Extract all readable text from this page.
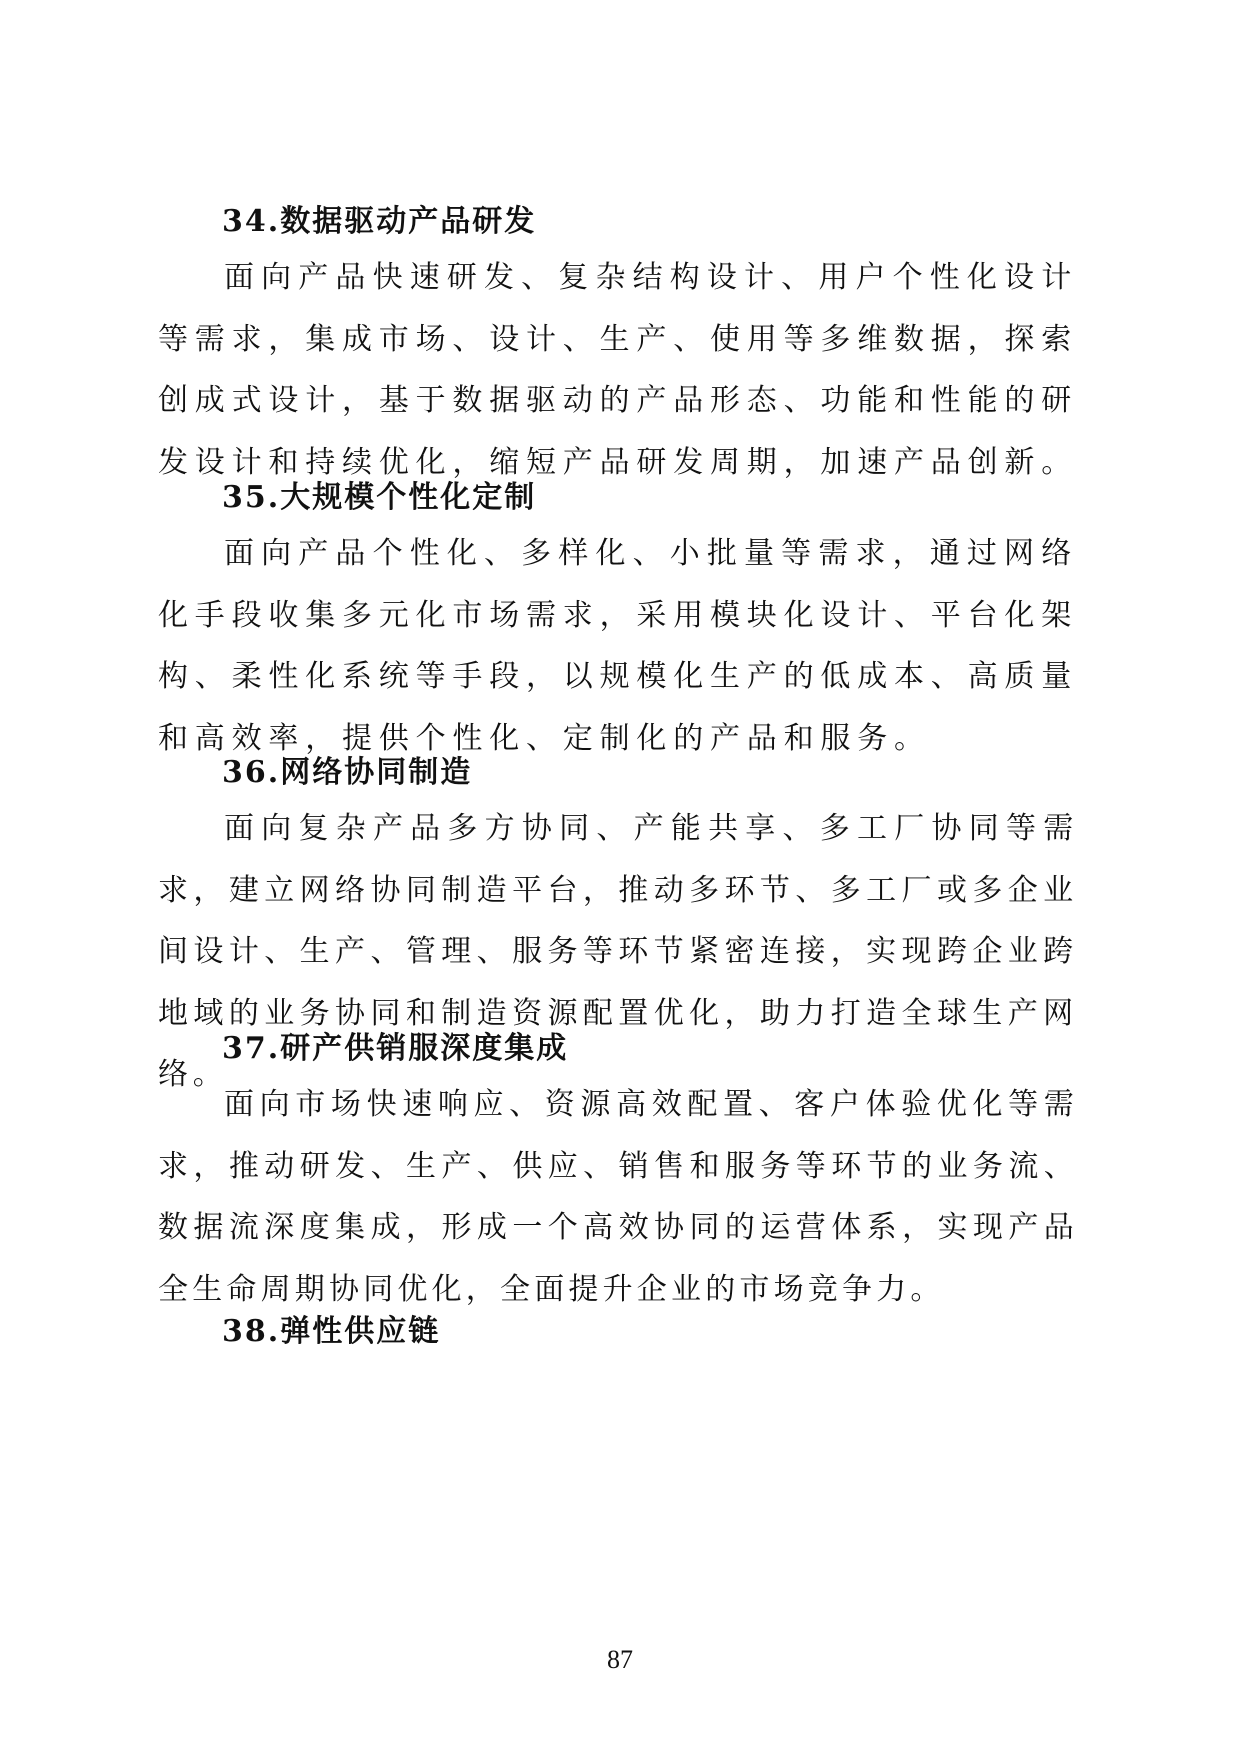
34.数据驱动产品研发
面向产品快速研发、复杂结构设计、用户个性化设计等需求，集成市场、设计、生产、使用等多维数据，探索创成式设计，基于数据驱动的产品形态、功能和性能的研发设计和持续优化，缩短产品研发周期，加速产品创新。
35.大规模个性化定制
面向产品个性化、多样化、小批量等需求，通过网络化手段收集多元化市场需求，采用模块化设计、平台化架构、柔性化系统等手段，以规模化生产的低成本、高质量和高效率，提供个性化、定制化的产品和服务。
36.网络协同制造
面向复杂产品多方协同、产能共享、多工厂协同等需求，建立网络协同制造平台，推动多环节、多工厂或多企业间设计、生产、管理、服务等环节紧密连接，实现跨企业跨地域的业务协同和制造资源配置优化，助力打造全球生产网络。
37.研产供销服深度集成
面向市场快速响应、资源高效配置、客户体验优化等需求，推动研发、生产、供应、销售和服务等环节的业务流、数据流深度集成，形成一个高效协同的运营体系，实现产品全生命周期协同优化，全面提升企业的市场竞争力。
38.弹性供应链
87
